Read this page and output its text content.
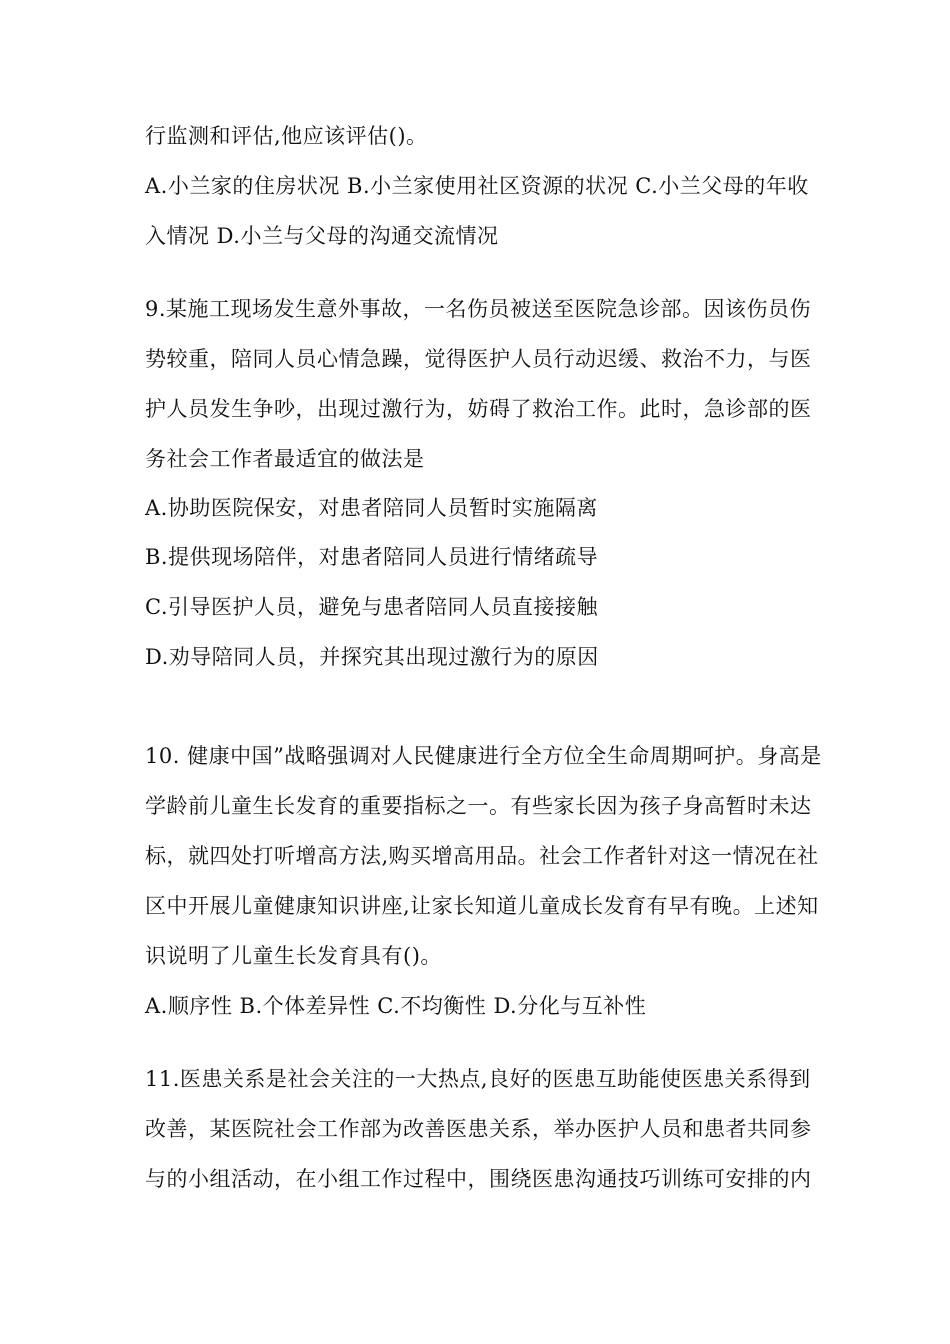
行监测和评估,他应该评估()。
A.小兰家的住房状况 B.小兰家使用社区资源的状况 C.小兰父母的年收
入情况 D.小兰与父母的沟通交流情况
9.某施工现场发生意外事故，一名伤员被送至医院急诊部。因该伤员伤
势较重，陪同人员心情急躁，觉得医护人员行动迟缓、救治不力，与医
护人员发生争吵，出现过激行为，妨碍了救治工作。此时，急诊部的医
务社会工作者最适宜的做法是
A.协助医院保安，对患者陪同人员暂时实施隔离
B.提供现场陪伴，对患者陪同人员进行情绪疏导
C.引导医护人员，避免与患者陪同人员直接接触
D.劝导陪同人员，并探究其出现过激行为的原因
10. 健康中国”战略强调对人民健康进行全方位全生命周期呵护。身高是
学龄前儿童生长发育的重要指标之一。有些家长因为孩子身高暂时未达
标，就四处打听增高方法,购买增高用品。社会工作者针对这一情况在社
区中开展儿童健康知识讲座,让家长知道儿童成长发育有早有晚。上述知
识说明了儿童生长发育具有()。
A.顺序性 B.个体差异性 C.不均衡性 D.分化与互补性
11.医患关系是社会关注的一大热点,良好的医患互助能使医患关系得到
改善，某医院社会工作部为改善医患关系，举办医护人员和患者共同参
与的小组活动，在小组工作过程中，围绕医患沟通技巧训练可安排的内
